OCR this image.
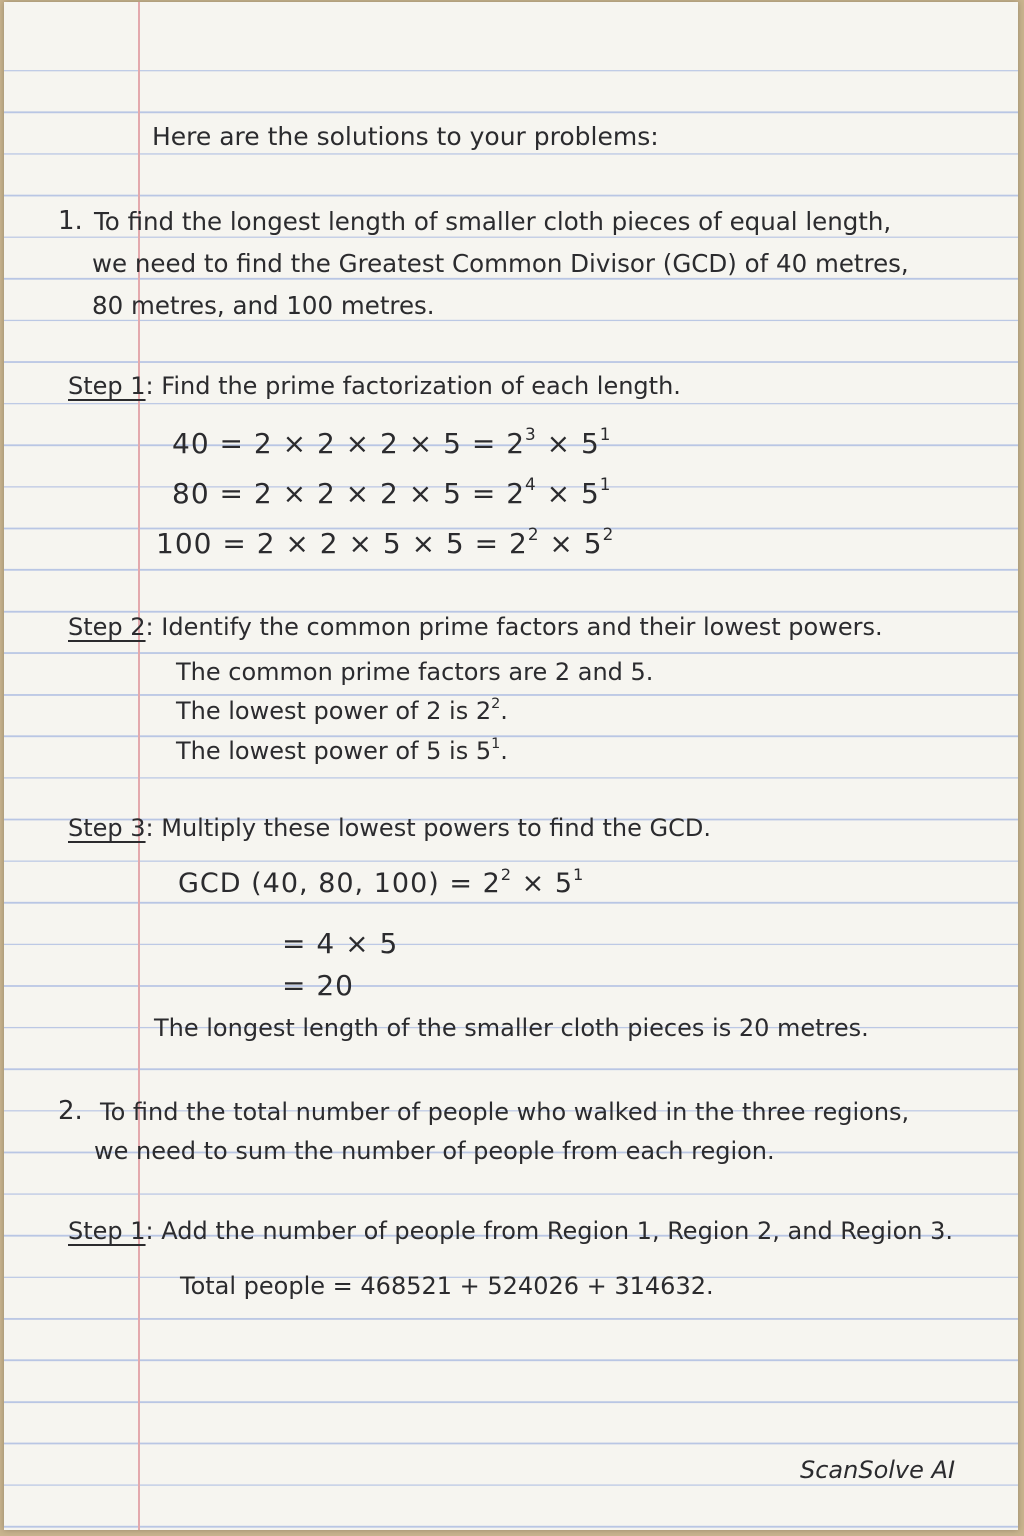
Here are the solutions to your problems:
1. To find the longest length of smaller cloth pieces of equal length,
we need to find the Greatest Common Divisor (GCD) of 40 metres,
80 metres, and 100 metres.
Step 1: Find the prime factorization of each length.
$40 = 2 \times 2 \times 2 \times 5 = 2^3 \times 5^1$
$80 = 2 \times 2 \times 2 \times 5 = 2^4 \times 5^1$
$100 = 2 \times 2 \times 5 \times 5 = 2^2 \times 5^2$
Step 2: Identify the common prime factors and their lowest powers.
The common prime factors are 2 and 5.
The lowest power of 2 is $2^2$.
The lowest power of 5 is $5^1$.
Step 3: Multiply these lowest powers to find the GCD.
GCD (40, 80, $100) = 2^2 \times 5^1$
= 4 × 5
= 20
The longest length of the smaller cloth pieces is 20 metres.
2. To find the total number of people who walked in the three regions,
we need to sum the number of people from each region.
Step 1: Add the number of people from Region 1, Region 2, and Region 3.
Total people = 468521 + 524026 + 314632.
ScanSolve AI
